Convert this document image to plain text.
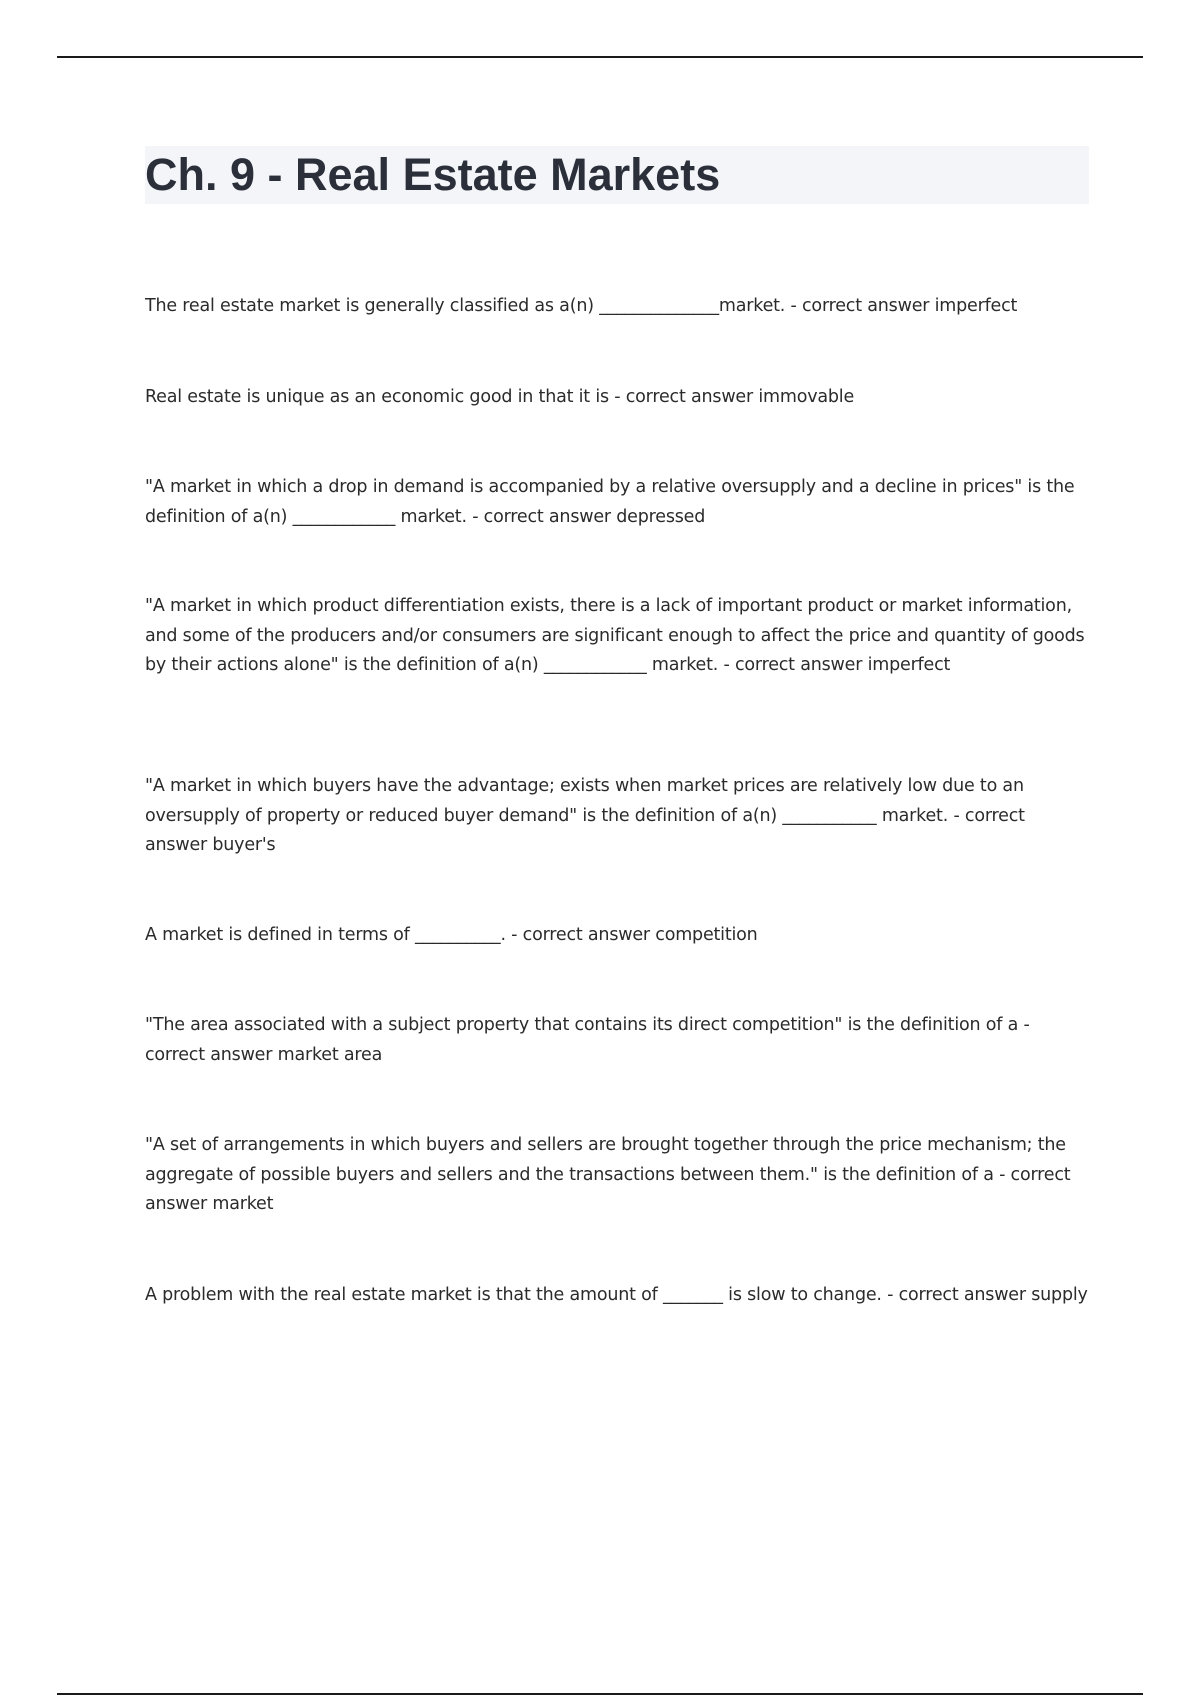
Ch. 9 - Real Estate Markets

The real estate market is generally classified as a(n) ______________market. - correct answer imperfect

Real estate is unique as an economic good in that it is - correct answer immovable

"A market in which a drop in demand is accompanied by a relative oversupply and a decline in prices" is the definition of a(n) ____________ market. - correct answer depressed

"A market in which product differentiation exists, there is a lack of important product or market information, and some of the producers and/or consumers are significant enough to affect the price and quantity of goods by their actions alone" is the definition of a(n) ____________ market. - correct answer imperfect

"A market in which buyers have the advantage; exists when market prices are relatively low due to an oversupply of property or reduced buyer demand" is the definition of a(n) ___________ market. - correct answer buyer's

A market is defined in terms of __________. - correct answer competition

"The area associated with a subject property that contains its direct competition" is the definition of a - correct answer market area

"A set of arrangements in which buyers and sellers are brought together through the price mechanism; the aggregate of possible buyers and sellers and the transactions between them." is the definition of a - correct answer market

A problem with the real estate market is that the amount of _______ is slow to change. - correct answer supply
